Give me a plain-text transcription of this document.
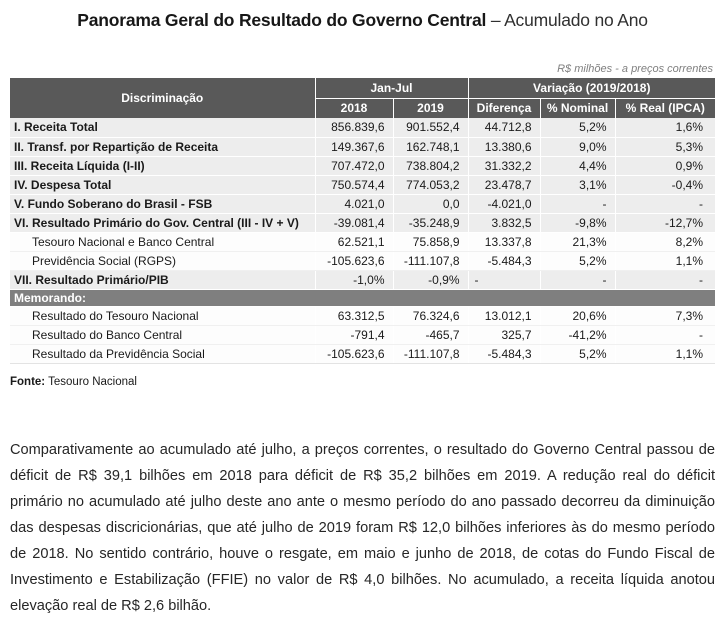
Panorama Geral do Resultado do Governo Central – Acumulado no Ano
R$ milhões - a preços correntes
Discriminação	Jan-Jul		Variação (2019/2018)		
	2018	2019	Diferença	% Nominal	% Real (IPCA)
I. Receita Total	856.839,6	901.552,4	44.712,8	5,2%	1,6%
II. Transf. por Repartição de Receita	149.367,6	162.748,1	13.380,6	9,0%	5,3%
III. Receita Líquida (I-II)	707.472,0	738.804,2	31.332,2	4,4%	0,9%
IV. Despesa Total	750.574,4	774.053,2	23.478,7	3,1%	-0,4%
V. Fundo Soberano do Brasil - FSB	4.021,0	0,0	-4.021,0	-	-
VI. Resultado Primário do Gov. Central (III - IV + V)	-39.081,4	-35.248,9	3.832,5	-9,8%	-12,7%
Tesouro Nacional e Banco Central	62.521,1	75.858,9	13.337,8	21,3%	8,2%
Previdência Social (RGPS)	-105.623,6	-111.107,8	-5.484,3	5,2%	1,1%
VII. Resultado Primário/PIB	-1,0%	-0,9%	-	-	-
Memorando:					
Resultado do Tesouro Nacional	63.312,5	76.324,6	13.012,1	20,6%	7,3%
Resultado do Banco Central	-791,4	-465,7	325,7	-41,2%	-
Resultado da Previdência Social	-105.623,6	-111.107,8	-5.484,3	5,2%	1,1%
Fonte: Tesouro Nacional

Comparativamente ao acumulado até julho, a preços correntes, o resultado do Governo Central passou de déficit de R$ 39,1 bilhões em 2018 para déficit de R$ 35,2 bilhões em 2019. A redução real do déficit primário no acumulado até julho deste ano ante o mesmo período do ano passado decorreu da diminuição das despesas discricionárias, que até julho de 2019 foram R$ 12,0 bilhões inferiores às do mesmo período de 2018. No sentido contrário, houve o resgate, em maio e junho de 2018, de cotas do Fundo Fiscal de Investimento e Estabilização (FFIE) no valor de R$ 4,0 bilhões. No acumulado, a receita líquida anotou elevação real de R$ 2,6 bilhão.
